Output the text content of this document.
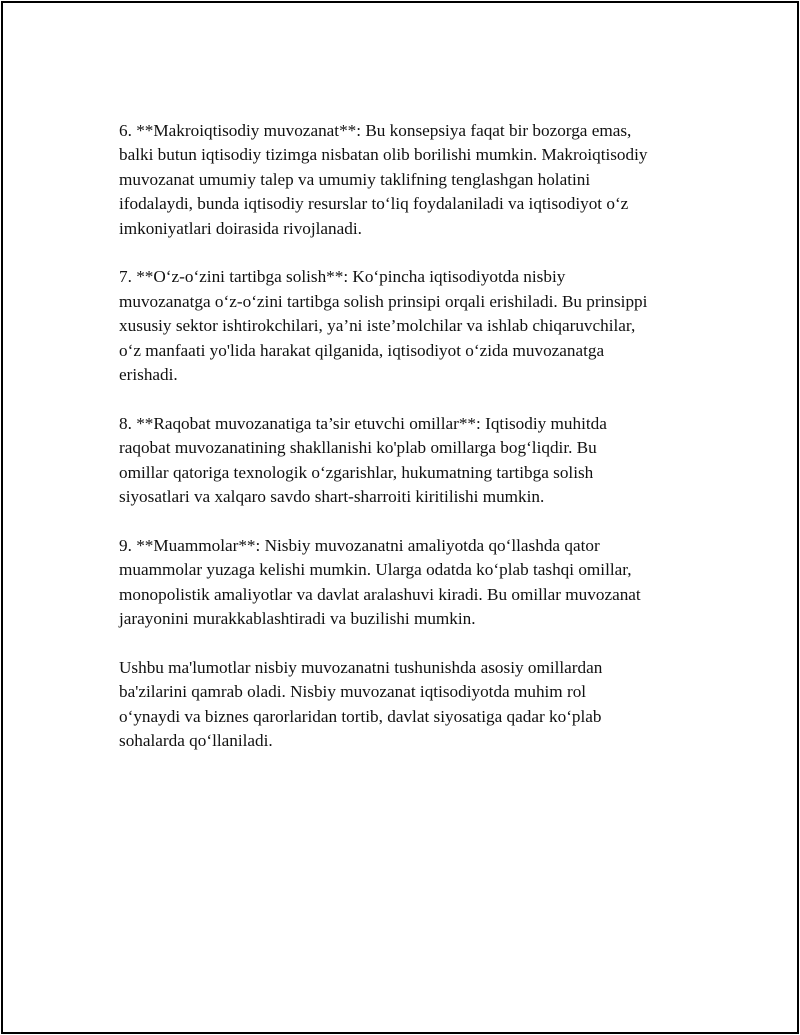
6. **Makroiqtisodiy muvozanat**: Bu konsepsiya faqat bir bozorga emas,
balki butun iqtisodiy tizimga nisbatan olib borilishi mumkin. Makroiqtisodiy
muvozanat umumiy talep va umumiy taklifning tenglashgan holatini
ifodalaydi, bunda iqtisodiy resurslar to‘liq foydalaniladi va iqtisodiyot o‘z
imkoniyatlari doirasida rivojlanadi.

7. **O‘z-o‘zini tartibga solish**: Ko‘pincha iqtisodiyotda nisbiy
muvozanatga o‘z-o‘zini tartibga solish prinsipi orqali erishiladi. Bu prinsippi
xususiy sektor ishtirokchilari, ya’ni iste’molchilar va ishlab chiqaruvchilar,
o‘z manfaati yo'lida harakat qilganida, iqtisodiyot o‘zida muvozanatga
erishadi.

8. **Raqobat muvozanatiga ta’sir etuvchi omillar**: Iqtisodiy muhitda
raqobat muvozanatining shakllanishi ko'plab omillarga bog‘liqdir. Bu
omillar qatoriga texnologik o‘zgarishlar, hukumatning tartibga solish
siyosatlari va xalqaro savdo shart-sharroiti kiritilishi mumkin.

9. **Muammolar**: Nisbiy muvozanatni amaliyotda qo‘llashda qator
muammolar yuzaga kelishi mumkin. Ularga odatda ko‘plab tashqi omillar,
monopolistik amaliyotlar va davlat aralashuvi kiradi. Bu omillar muvozanat
jarayonini murakkablashtiradi va buzilishi mumkin.

Ushbu ma'lumotlar nisbiy muvozanatni tushunishda asosiy omillardan
ba'zilarini qamrab oladi. Nisbiy muvozanat iqtisodiyotda muhim rol
o‘ynaydi va biznes qarorlaridan tortib, davlat siyosatiga qadar ko‘plab
sohalarda qo‘llaniladi.
